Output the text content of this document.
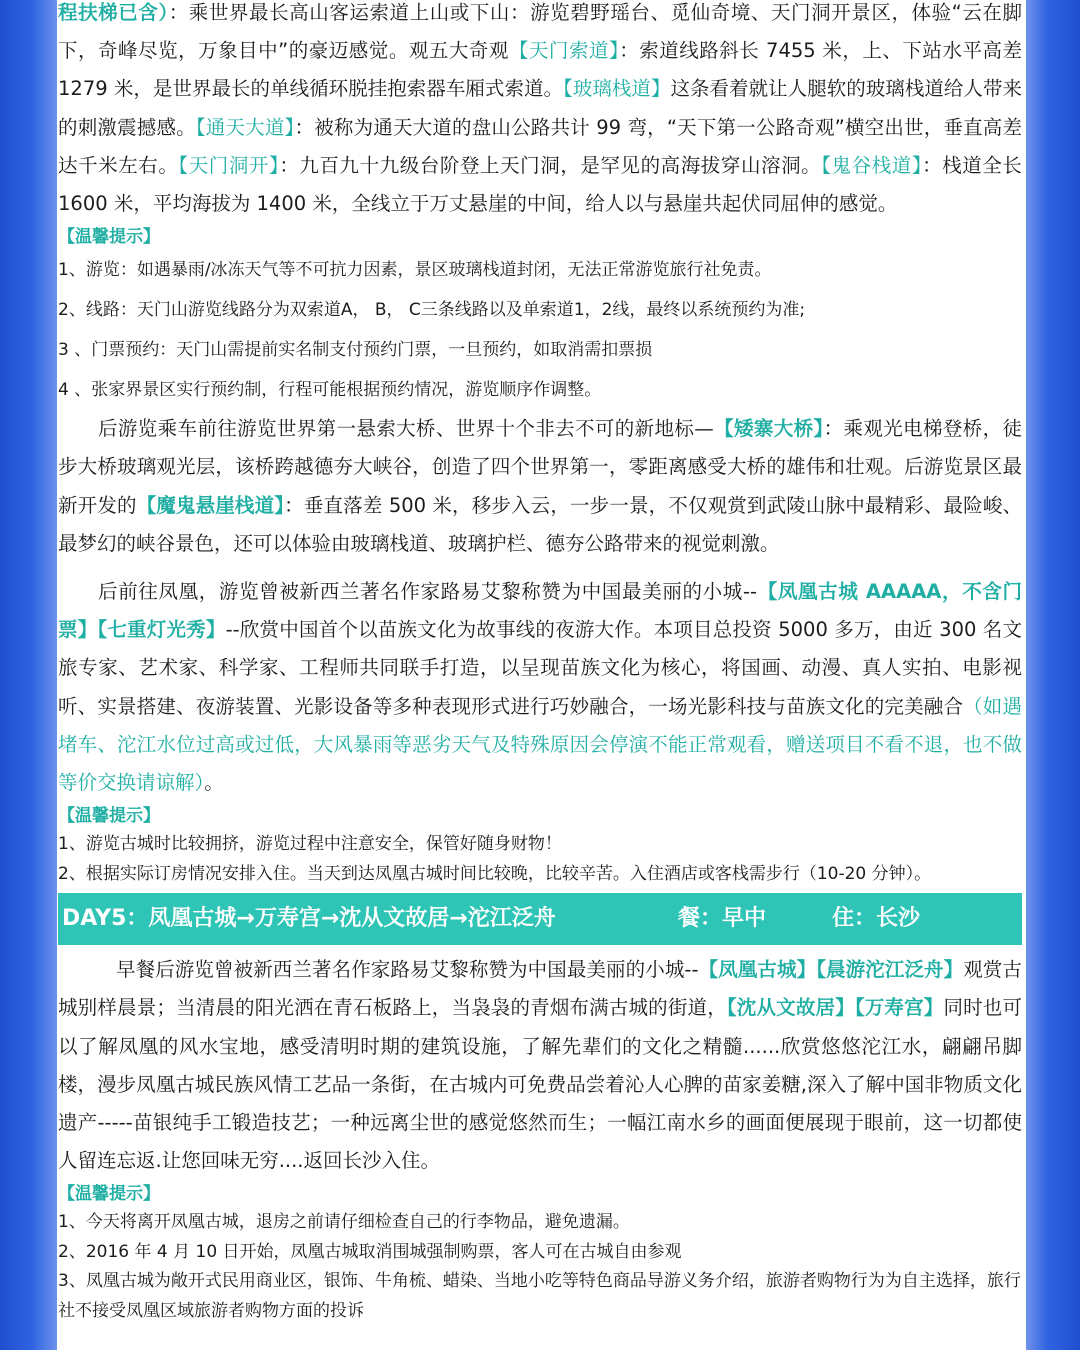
程扶梯已含）：乘世界最长高山客运索道上山或下山：游览碧野瑶台、觅仙奇境、天门洞开景区，体验“云在脚下，奇峰尽览，万象目中”的豪迈感觉。观五大奇观【天门索道】：索道线路斜长 7455 米，上、下站水平高差 1279 米，是世界最长的单线循环脱挂抱索器车厢式索道。【玻璃栈道】这条看着就让人腿软的玻璃栈道给人带来的刺激震撼感。【通天大道】：被称为通天大道的盘山公路共计 99 弯，“天下第一公路奇观”横空出世，垂直高差达千米左右。【天门洞开】：九百九十九级台阶登上天门洞，是罕见的高海拔穿山溶洞。【鬼谷栈道】：栈道全长 1600 米，平均海拔为 1400 米，全线立于万丈悬崖的中间，给人以与悬崖共起伏同屈伸的感觉。

【温馨提示】

1、游览：如遇暴雨/冰冻天气等不可抗力因素，景区玻璃栈道封闭，无法正常游览旅行社免责。

2、线路：天门山游览线路分为双索道A， B， C三条线路以及单索道1，2线，最终以系统预约为准;

3 、门票预约：天门山需提前实名制支付预约门票，一旦预约，如取消需扣票损

4 、张家界景区实行预约制，行程可能根据预约情况，游览顺序作调整。

后游览乘车前往游览世界第一悬索大桥、世界十个非去不可的新地标—【矮寨大桥】：乘观光电梯登桥，徒步大桥玻璃观光层，该桥跨越德夯大峡谷，创造了四个世界第一，零距离感受大桥的雄伟和壮观。后游览景区最新开发的【魔鬼悬崖栈道】：垂直落差 500 米，移步入云，一步一景，不仅观赏到武陵山脉中最精彩、最险峻、最梦幻的峡谷景色，还可以体验由玻璃栈道、玻璃护栏、德夯公路带来的视觉刺激。

后前往凤凰，游览曾被新西兰著名作家路易艾黎称赞为中国最美丽的小城--【凤凰古城 AAAAA，不含门票】【七重灯光秀】--欣赏中国首个以苗族文化为故事线的夜游大作。本项目总投资 5000 多万，由近 300 名文旅专家、艺术家、科学家、工程师共同联手打造，以呈现苗族文化为核心，将国画、动漫、真人实拍、电影视听、实景搭建、夜游装置、光影设备等多种表现形式进行巧妙融合，一场光影科技与苗族文化的完美融合（如遇堵车、沱江水位过高或过低，大风暴雨等恶劣天气及特殊原因会停演不能正常观看，赠送项目不看不退，也不做等价交换请谅解）。

【温馨提示】

1、游览古城时比较拥挤，游览过程中注意安全，保管好随身财物！

2、根据实际订房情况安排入住。当天到达凤凰古城时间比较晚，比较辛苦。入住酒店或客栈需步行（10-20 分钟）。

DAY5：凤凰古城→万寿宫→沈从文故居→沱江泛舟	餐：早中	住：长沙

早餐后游览曾被新西兰著名作家路易艾黎称赞为中国最美丽的小城--【凤凰古城】【晨游沱江泛舟】观赏古城别样晨景；当清晨的阳光洒在青石板路上，当袅袅的青烟布满古城的街道，【沈从文故居】【万寿宫】同时也可以了解凤凰的风水宝地，感受清明时期的建筑设施，了解先辈们的文化之精髓......欣赏悠悠沱江水，翩翩吊脚楼，漫步凤凰古城民族风情工艺品一条街，在古城内可免费品尝着沁人心脾的苗家姜糖,深入了解中国非物质文化遗产-----苗银纯手工锻造技艺；一种远离尘世的感觉悠然而生；一幅江南水乡的画面便展现于眼前，这一切都使人留连忘返.让您回味无穷....返回长沙入住。

【温馨提示】

1、今天将离开凤凰古城，退房之前请仔细检查自己的行李物品，避免遗漏。

2、2016 年 4 月 10 日开始，凤凰古城取消围城强制购票，客人可在古城自由参观

3、凤凰古城为敞开式民用商业区，银饰、牛角梳、蜡染、当地小吃等特色商品导游义务介绍，旅游者购物行为为自主选择，旅行社不接受凤凰区域旅游者购物方面的投诉
